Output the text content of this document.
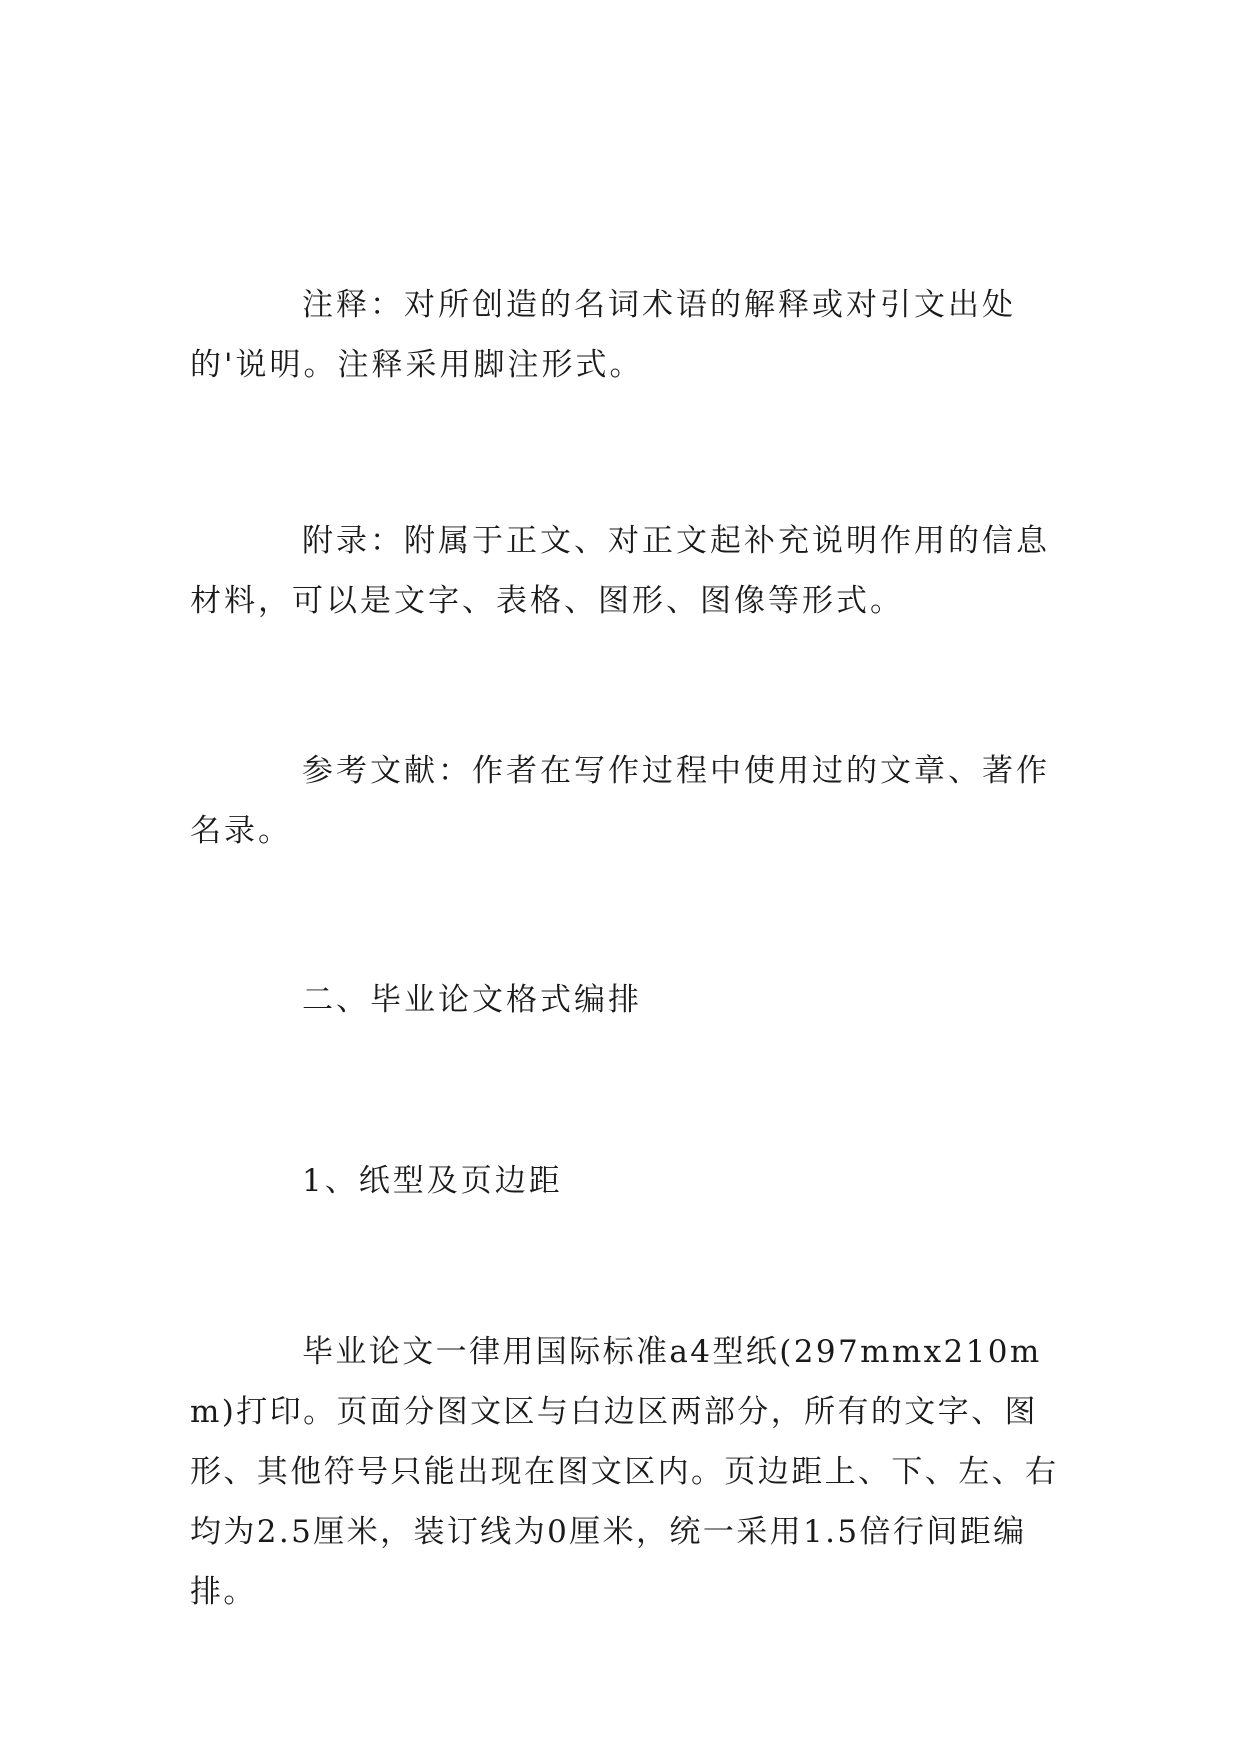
注释：对所创造的名词术语的解释或对引文出处的'说明。注释采用脚注形式。

附录：附属于正文、对正文起补充说明作用的信息材料，可以是文字、表格、图形、图像等形式。

参考文献：作者在写作过程中使用过的文章、著作名录。

二、毕业论文格式编排

1、纸型及页边距

毕业论文一律用国际标准a4型纸(297mmx210mm)打印。页面分图文区与白边区两部分，所有的文字、图形、其他符号只能出现在图文区内。页边距上、下、左、右均为2.5厘米，装订线为0厘米，统一采用1.5倍行间距编排。
